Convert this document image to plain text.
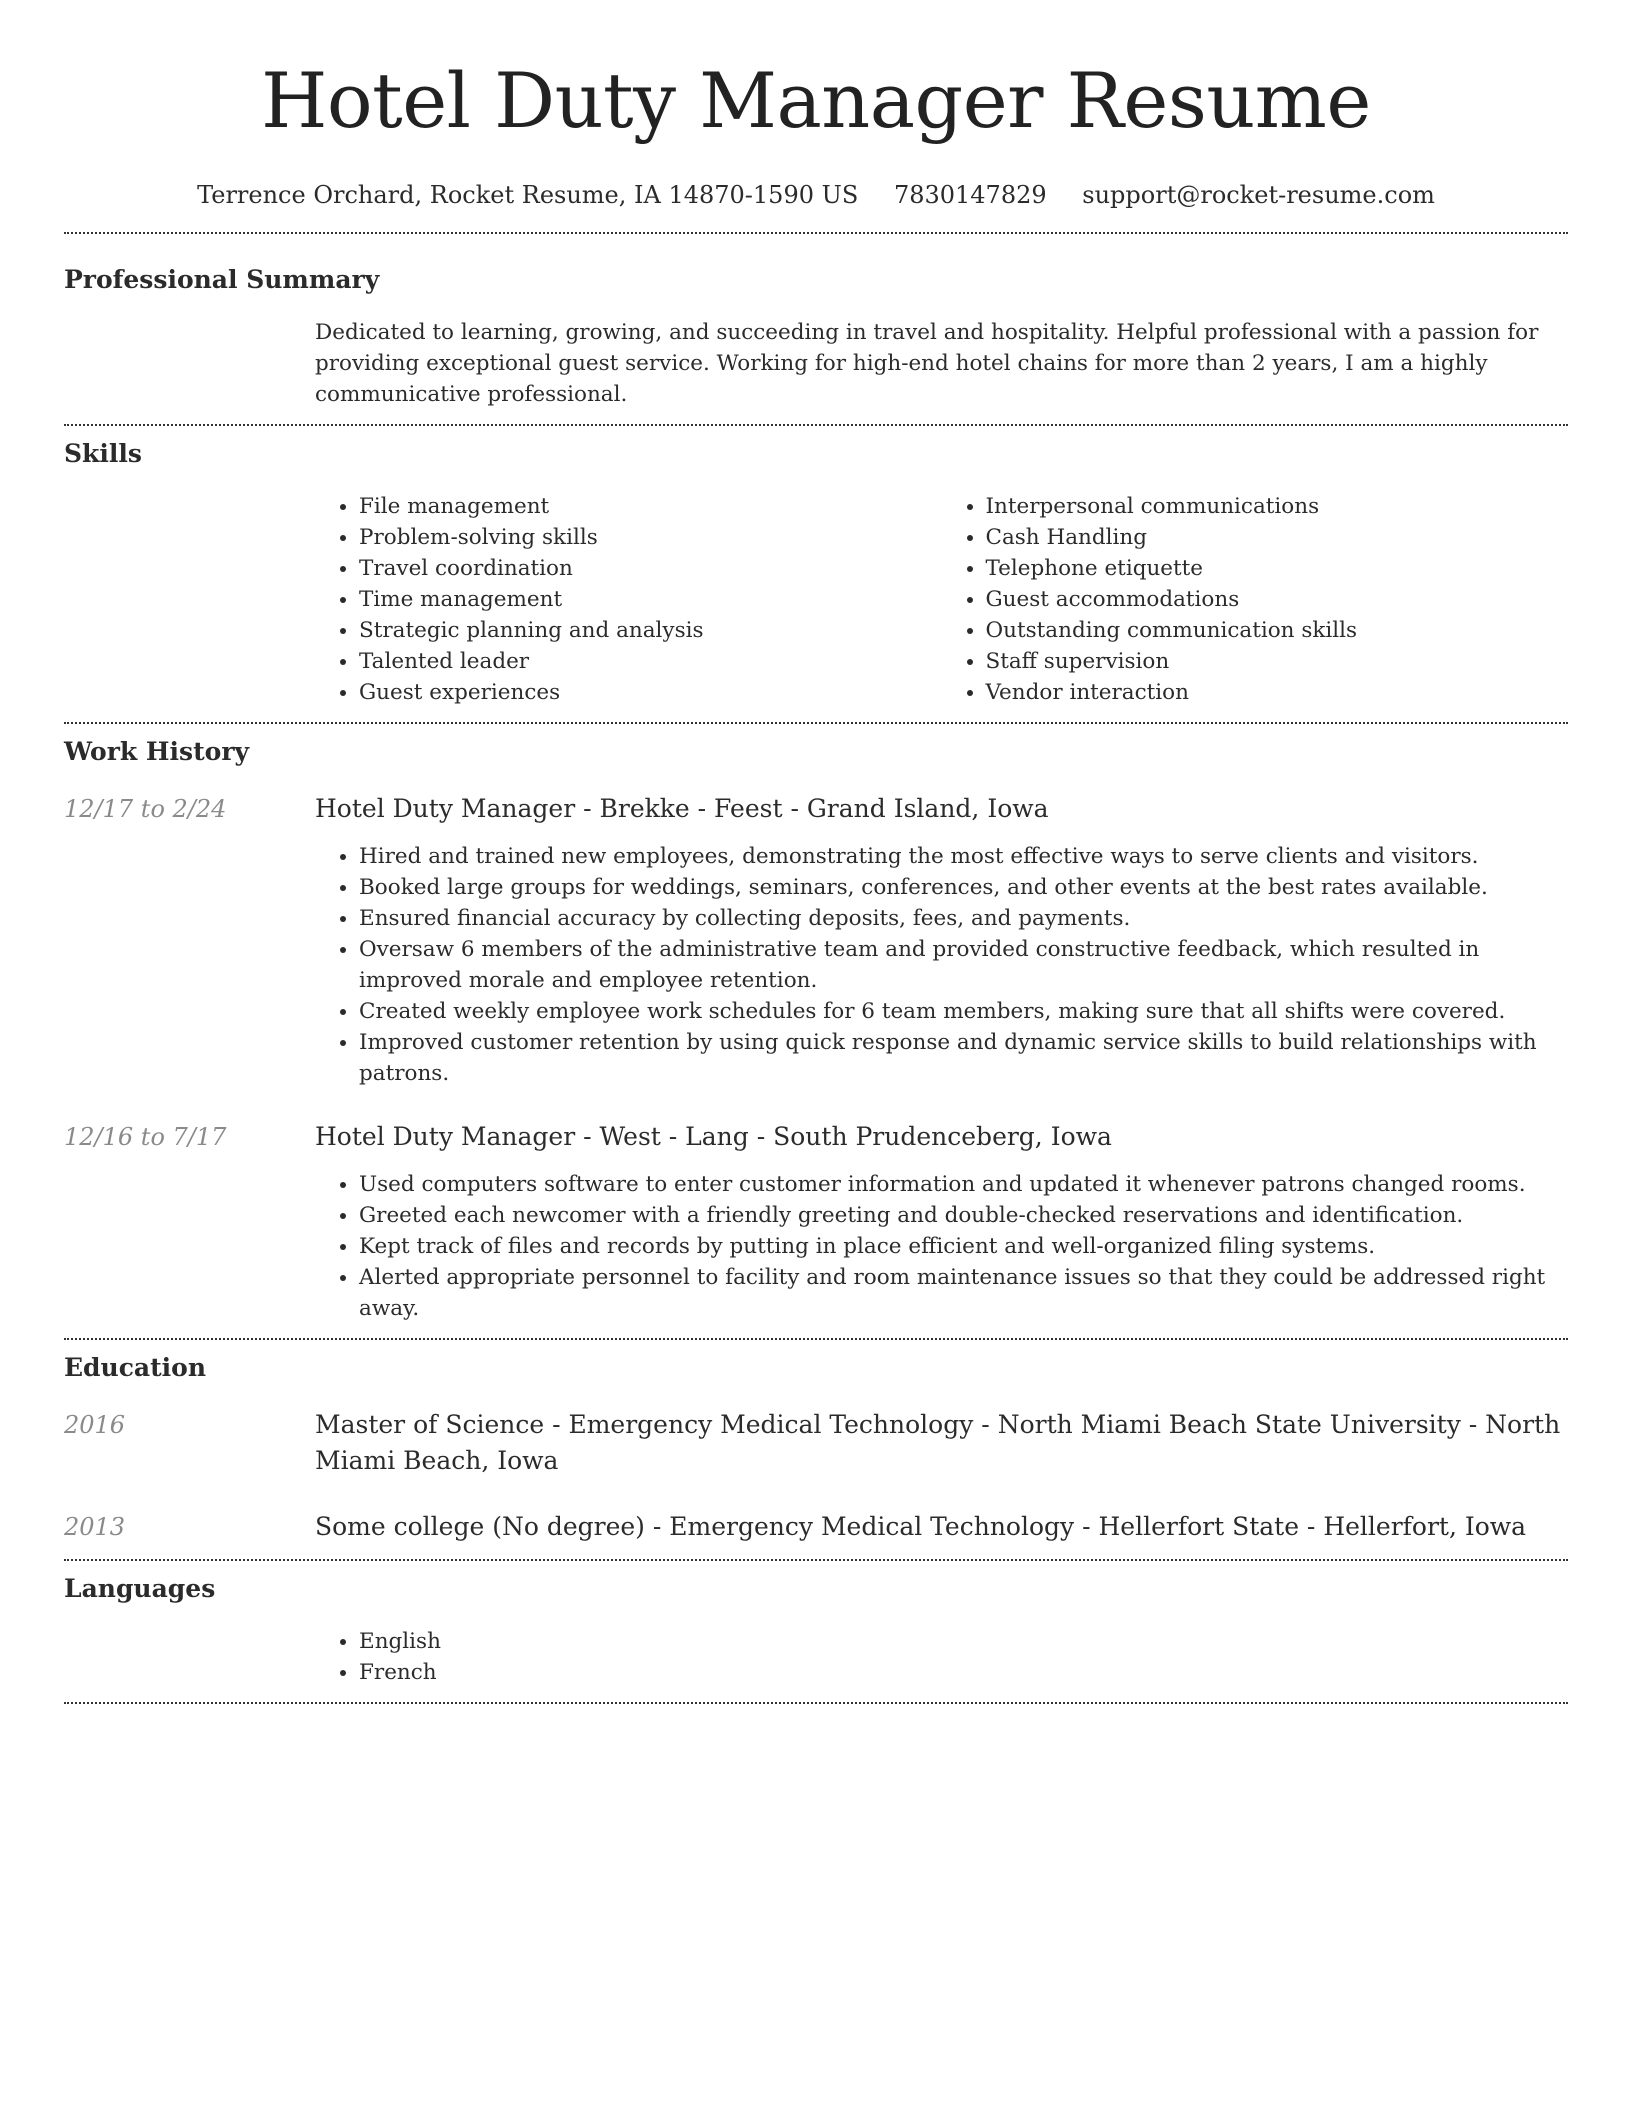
Hotel Duty Manager Resume
Terrence Orchard, Rocket Resume, IA 14870-1590 US 7830147829 support@rocket-resume.com
Professional Summary

Dedicated to learning, growing, and succeeding in travel and hospitality. Helpful professional with a passion for providing exceptional guest service. Working for high-end hotel chains for more than 2 years, I am a highly communicative professional.

Skills
• File management
• Problem-solving skills
• Travel coordination
• Time management
• Strategic planning and analysis
• Talented leader
• Guest experiences
• Interpersonal communications
• Cash Handling
• Telephone etiquette
• Guest accommodations
• Outstanding communication skills
• Staff supervision
• Vendor interaction
Work History
12/17 to 2/24	Hotel Duty Manager - Brekke - Feest - Grand Island, Iowa
• Hired and trained new employees, demonstrating the most effective ways to serve clients and visitors.
• Booked large groups for weddings, seminars, conferences, and other events at the best rates available.
• Ensured financial accuracy by collecting deposits, fees, and payments.
• Oversaw 6 members of the administrative team and provided constructive feedback, which resulted in improved morale and employee retention.
• Created weekly employee work schedules for 6 team members, making sure that all shifts were covered.
• Improved customer retention by using quick response and dynamic service skills to build relationships with patrons.
12/16 to 7/17	Hotel Duty Manager - West - Lang - South Prudenceberg, Iowa
• Used computers software to enter customer information and updated it whenever patrons changed rooms.
• Greeted each newcomer with a friendly greeting and double-checked reservations and identification.
• Kept track of files and records by putting in place efficient and well-organized filing systems.
• Alerted appropriate personnel to facility and room maintenance issues so that they could be addressed right away.
Education
2016	Master of Science - Emergency Medical Technology - North Miami Beach State University - North Miami Beach, Iowa
2013	Some college (No degree) - Emergency Medical Technology - Hellerfort State - Hellerfort, Iowa
Languages
• English
• French
